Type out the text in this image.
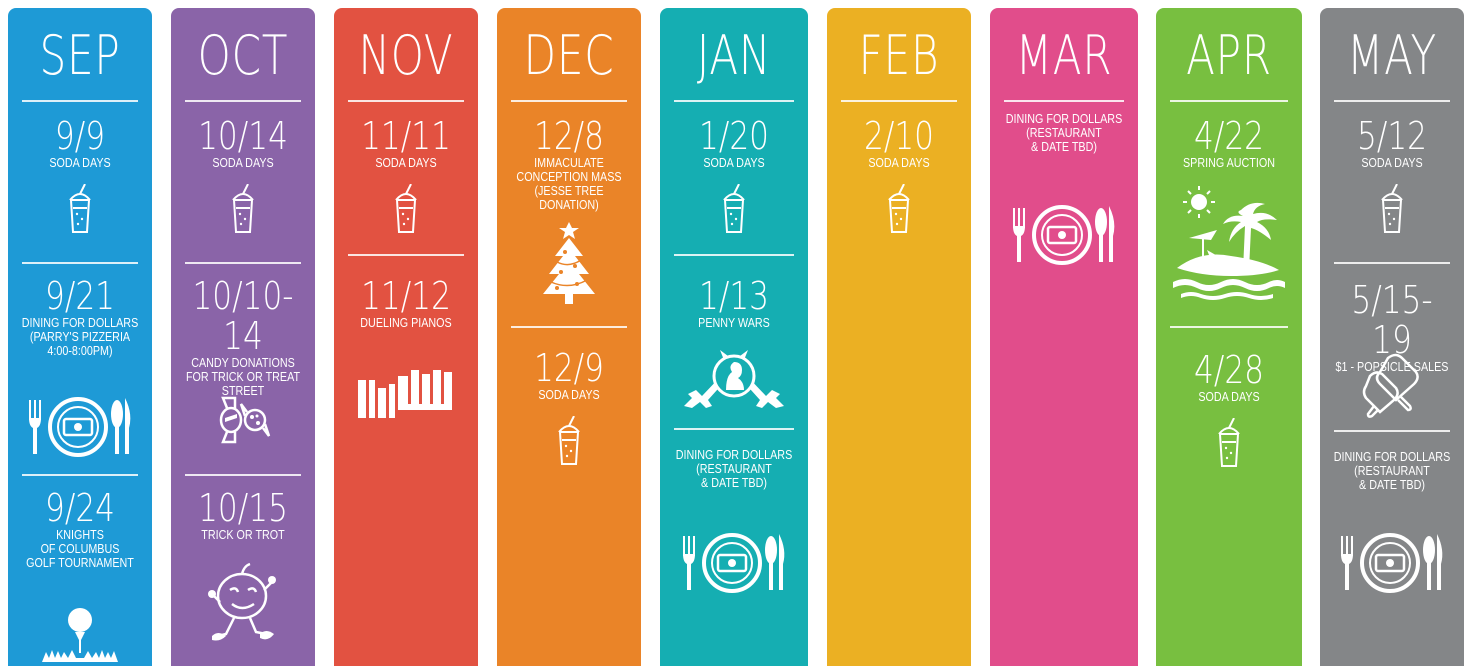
SEP
9/9
SODA DAYS
9/21
DINING FOR DOLLARS
(PARRY'S PIZZERIA
4:00-8:00PM)
9/24
KNIGHTS
OF COLUMBUS
GOLF TOURNAMENT
OCT
10/14
SODA DAYS
10/10-14
CANDY DONATIONS
FOR TRICK OR TREAT
STREET
10/15
TRICK OR TROT
NOV
11/11
SODA DAYS
11/12
DUELING PIANOS
DEC
12/8
IMMACULATE
CONCEPTION MASS
(JESSE TREE DONATION)
12/9
SODA DAYS
JAN
1/20
SODA DAYS
1/13
PENNY WARS
DINING FOR DOLLARS
(RESTAURANT
& DATE TBD)
FEB
2/10
SODA DAYS
MAR
DINING FOR DOLLARS
(RESTAURANT
& DATE TBD)
APR
4/22
SPRING AUCTION
4/28
SODA DAYS
MAY
5/12
SODA DAYS
5/15-19
$1 - POPSICLE SALES
DINING FOR DOLLARS
(RESTAURANT
& DATE TBD)
